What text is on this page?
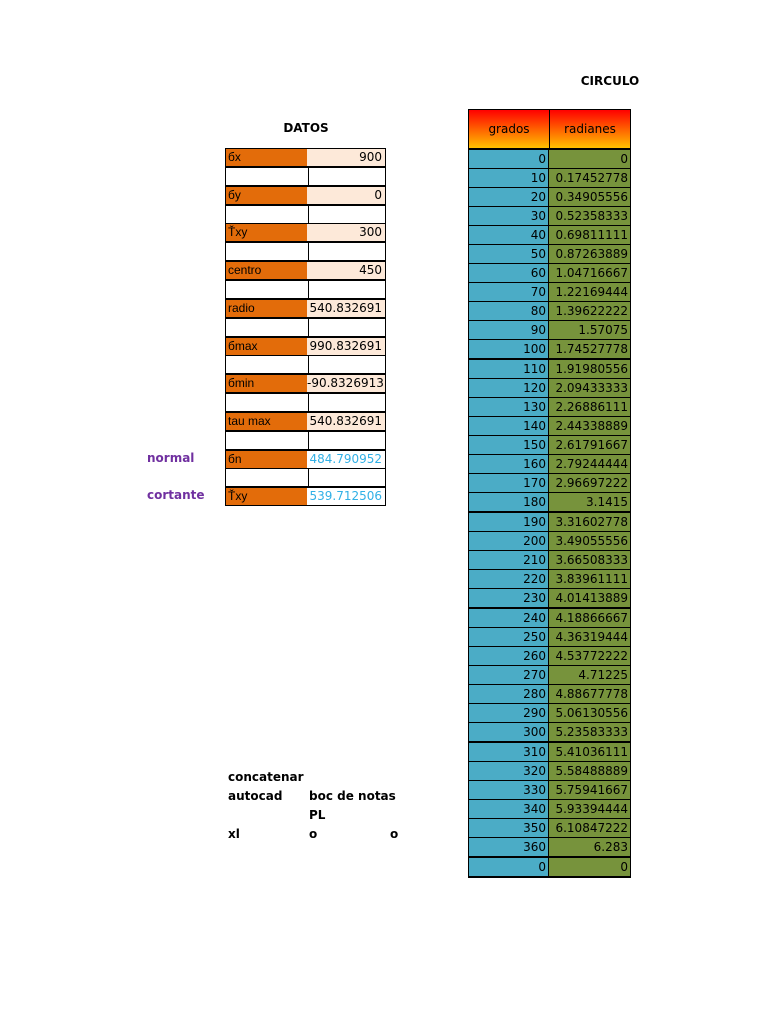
CIRCULO
DATOS
бx	900
бy	0
Ťxy	300
centro	450
radio	540.832691
бmax	990.832691
бmin	-90.8326913
tau max	540.832691
бn	484.790952
Ťxy	539.712506
normal
cortante
grados	radianes
0	0
10 0.17452778
20 0.34905556
30 0.52358333
40 0.69811111
50 0.87263889
60 1.04716667
70 1.22169444
80 1.39622222
90	1.57075
100 1.74527778
110 1.91980556
120 2.09433333
130 2.26886111
140 2.44338889
150 2.61791667
160 2.79244444
170 2.96697222
180	3.1415
190 3.31602778
200 3.49055556
210 3.66508333
220 3.83961111
230 4.01413889
240 4.18866667
250 4.36319444
260 4.53772222
270	4.71225
280 4.88677778
290 5.06130556
300 5.23583333
310 5.41036111
320 5.58488889
330 5.75941667
340 5.93394444
350 6.10847222
360	6.283
0	0
concatenar
autocad boc de notas
PL
xl	o	o
